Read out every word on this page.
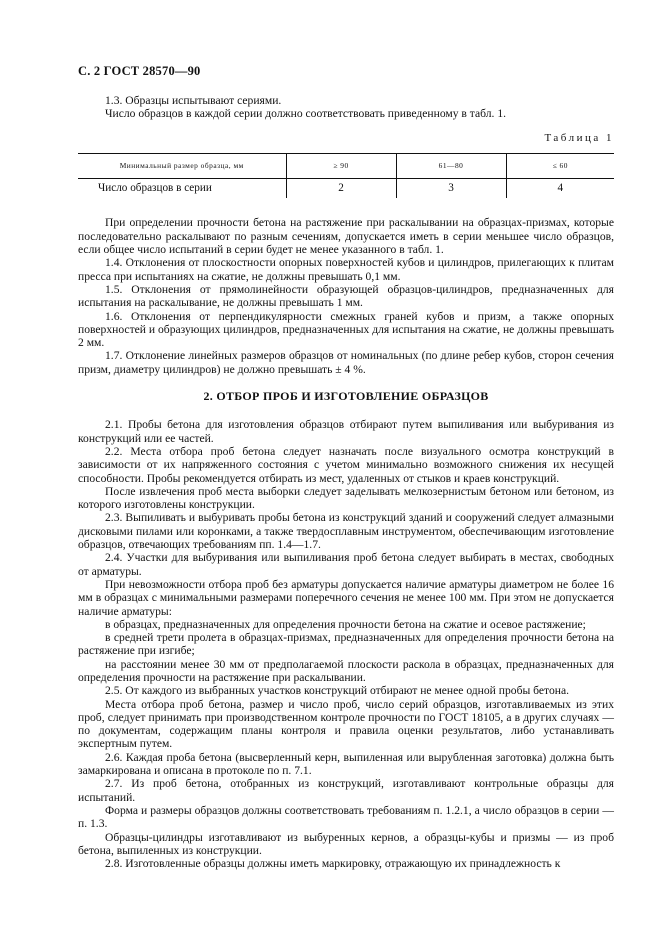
С. 2 ГОСТ 28570—90

1.3. Образцы испытывают сериями.

Число образцов в каждой серии должно соответствовать приведенному в табл. 1.

Таблица 1
Минимальный размер образца, мм	≥ 90	61—80	≤ 60
Число образцов в серии	2	3	4

При определении прочности бетона на растяжение при раскалывании на образцах-призмах, которые последовательно раскалывают по разным сечениям, допускается иметь в серии меньшее число образцов, если общее число испытаний в серии будет не менее указанного в табл. 1.

1.4. Отклонения от плоскостности опорных поверхностей кубов и цилиндров, прилегающих к плитам пресса при испытаниях на сжатие, не должны превышать 0,1 мм.

1.5. Отклонения от прямолинейности образующей образцов-цилиндров, предназначенных для испытания на раскалывание, не должны превышать 1 мм.

1.6. Отклонения от перпендикулярности смежных граней кубов и призм, а также опорных поверхностей и образующих цилиндров, предназначенных для испытания на сжатие, не должны превышать 2 мм.

1.7. Отклонение линейных размеров образцов от номинальных (по длине ребер кубов, сторон сечения призм, диаметру цилиндров) не должно превышать ± 4 %.

2. ОТБОР ПРОБ И ИЗГОТОВЛЕНИЕ ОБРАЗЦОВ

2.1. Пробы бетона для изготовления образцов отбирают путем выпиливания или выбуривания из конструкций или ее частей.

2.2. Места отбора проб бетона следует назначать после визуального осмотра конструкций в зависимости от их напряженного состояния с учетом минимально возможного снижения их несущей способности. Пробы рекомендуется отбирать из мест, удаленных от стыков и краев конструкций.

После извлечения проб места выборки следует заделывать мелкозернистым бетоном или бетоном, из которого изготовлены конструкции.

2.3. Выпиливать и выбуривать пробы бетона из конструкций зданий и сооружений следует алмазными дисковыми пилами или коронками, а также твердосплавным инструментом, обеспечивающим изготовление образцов, отвечающих требованиям пп. 1.4—1.7.

2.4. Участки для выбуривания или выпиливания проб бетона следует выбирать в местах, свободных от арматуры.

При невозможности отбора проб без арматуры допускается наличие арматуры диаметром не более 16 мм в образцах с минимальными размерами поперечного сечения не менее 100 мм. При этом не допускается наличие арматуры:

в образцах, предназначенных для определения прочности бетона на сжатие и осевое растяжение;

в средней трети пролета в образцах-призмах, предназначенных для определения прочности бетона на растяжение при изгибе;

на расстоянии менее 30 мм от предполагаемой плоскости раскола в образцах, предназначенных для определения прочности на растяжение при раскалывании.

2.5. От каждого из выбранных участков конструкций отбирают не менее одной пробы бетона.

Места отбора проб бетона, размер и число проб, число серий образцов, изготавливаемых из этих проб, следует принимать при производственном контроле прочности по ГОСТ 18105, а в других случаях — по документам, содержащим планы контроля и правила оценки результатов, либо устанавливать экспертным путем.

2.6. Каждая проба бетона (высверленный керн, выпиленная или вырубленная заготовка) должна быть замаркирована и описана в протоколе по п. 7.1.

2.7. Из проб бетона, отобранных из конструкций, изготавливают контрольные образцы для испытаний.

Форма и размеры образцов должны соответствовать требованиям п. 1.2.1, а число образцов в серии — п. 1.3.

Образцы-цилиндры изготавливают из выбуренных кернов, а образцы-кубы и призмы — из проб бетона, выпиленных из конструкции.

2.8. Изготовленные образцы должны иметь маркировку, отражающую их принадлежность к
